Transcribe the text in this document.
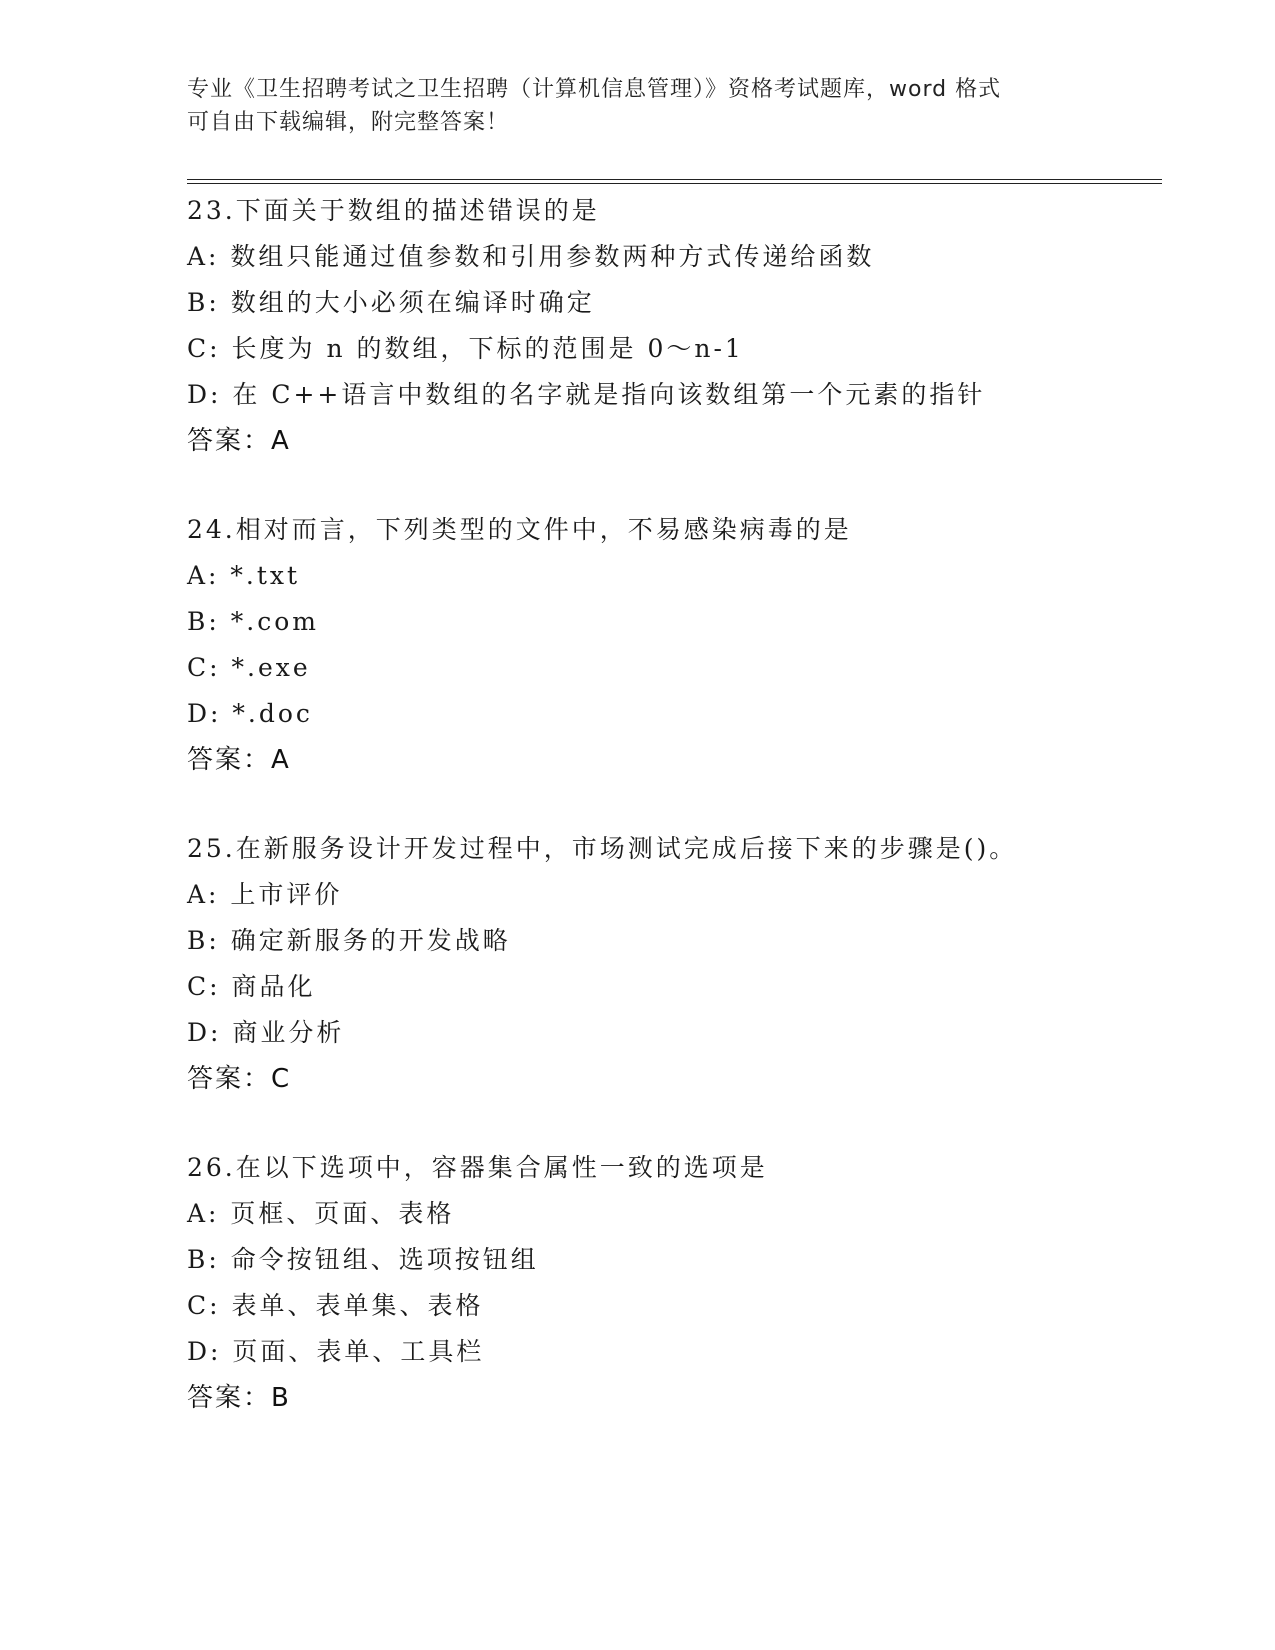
专业《卫生招聘考试之卫生招聘（计算机信息管理）》资格考试题库，word 格式
可自由下载编辑，附完整答案！
23.下面关于数组的描述错误的是
A: 数组只能通过值参数和引用参数两种方式传递给函数
B: 数组的大小必须在编译时确定
C: 长度为 n 的数组，下标的范围是 0～n-1
D: 在 C++语言中数组的名字就是指向该数组第一个元素的指针
答案：A
24.相对而言，下列类型的文件中，不易感染病毒的是
A: *.txt
B: *.com
C: *.exe
D: *.doc
答案：A
25.在新服务设计开发过程中，市场测试完成后接下来的步骤是()。
A: 上市评价
B: 确定新服务的开发战略
C: 商品化
D: 商业分析
答案：C
26.在以下选项中，容器集合属性一致的选项是
A: 页框、页面、表格
B: 命令按钮组、选项按钮组
C: 表单、表单集、表格
D: 页面、表单、工具栏
答案：B
